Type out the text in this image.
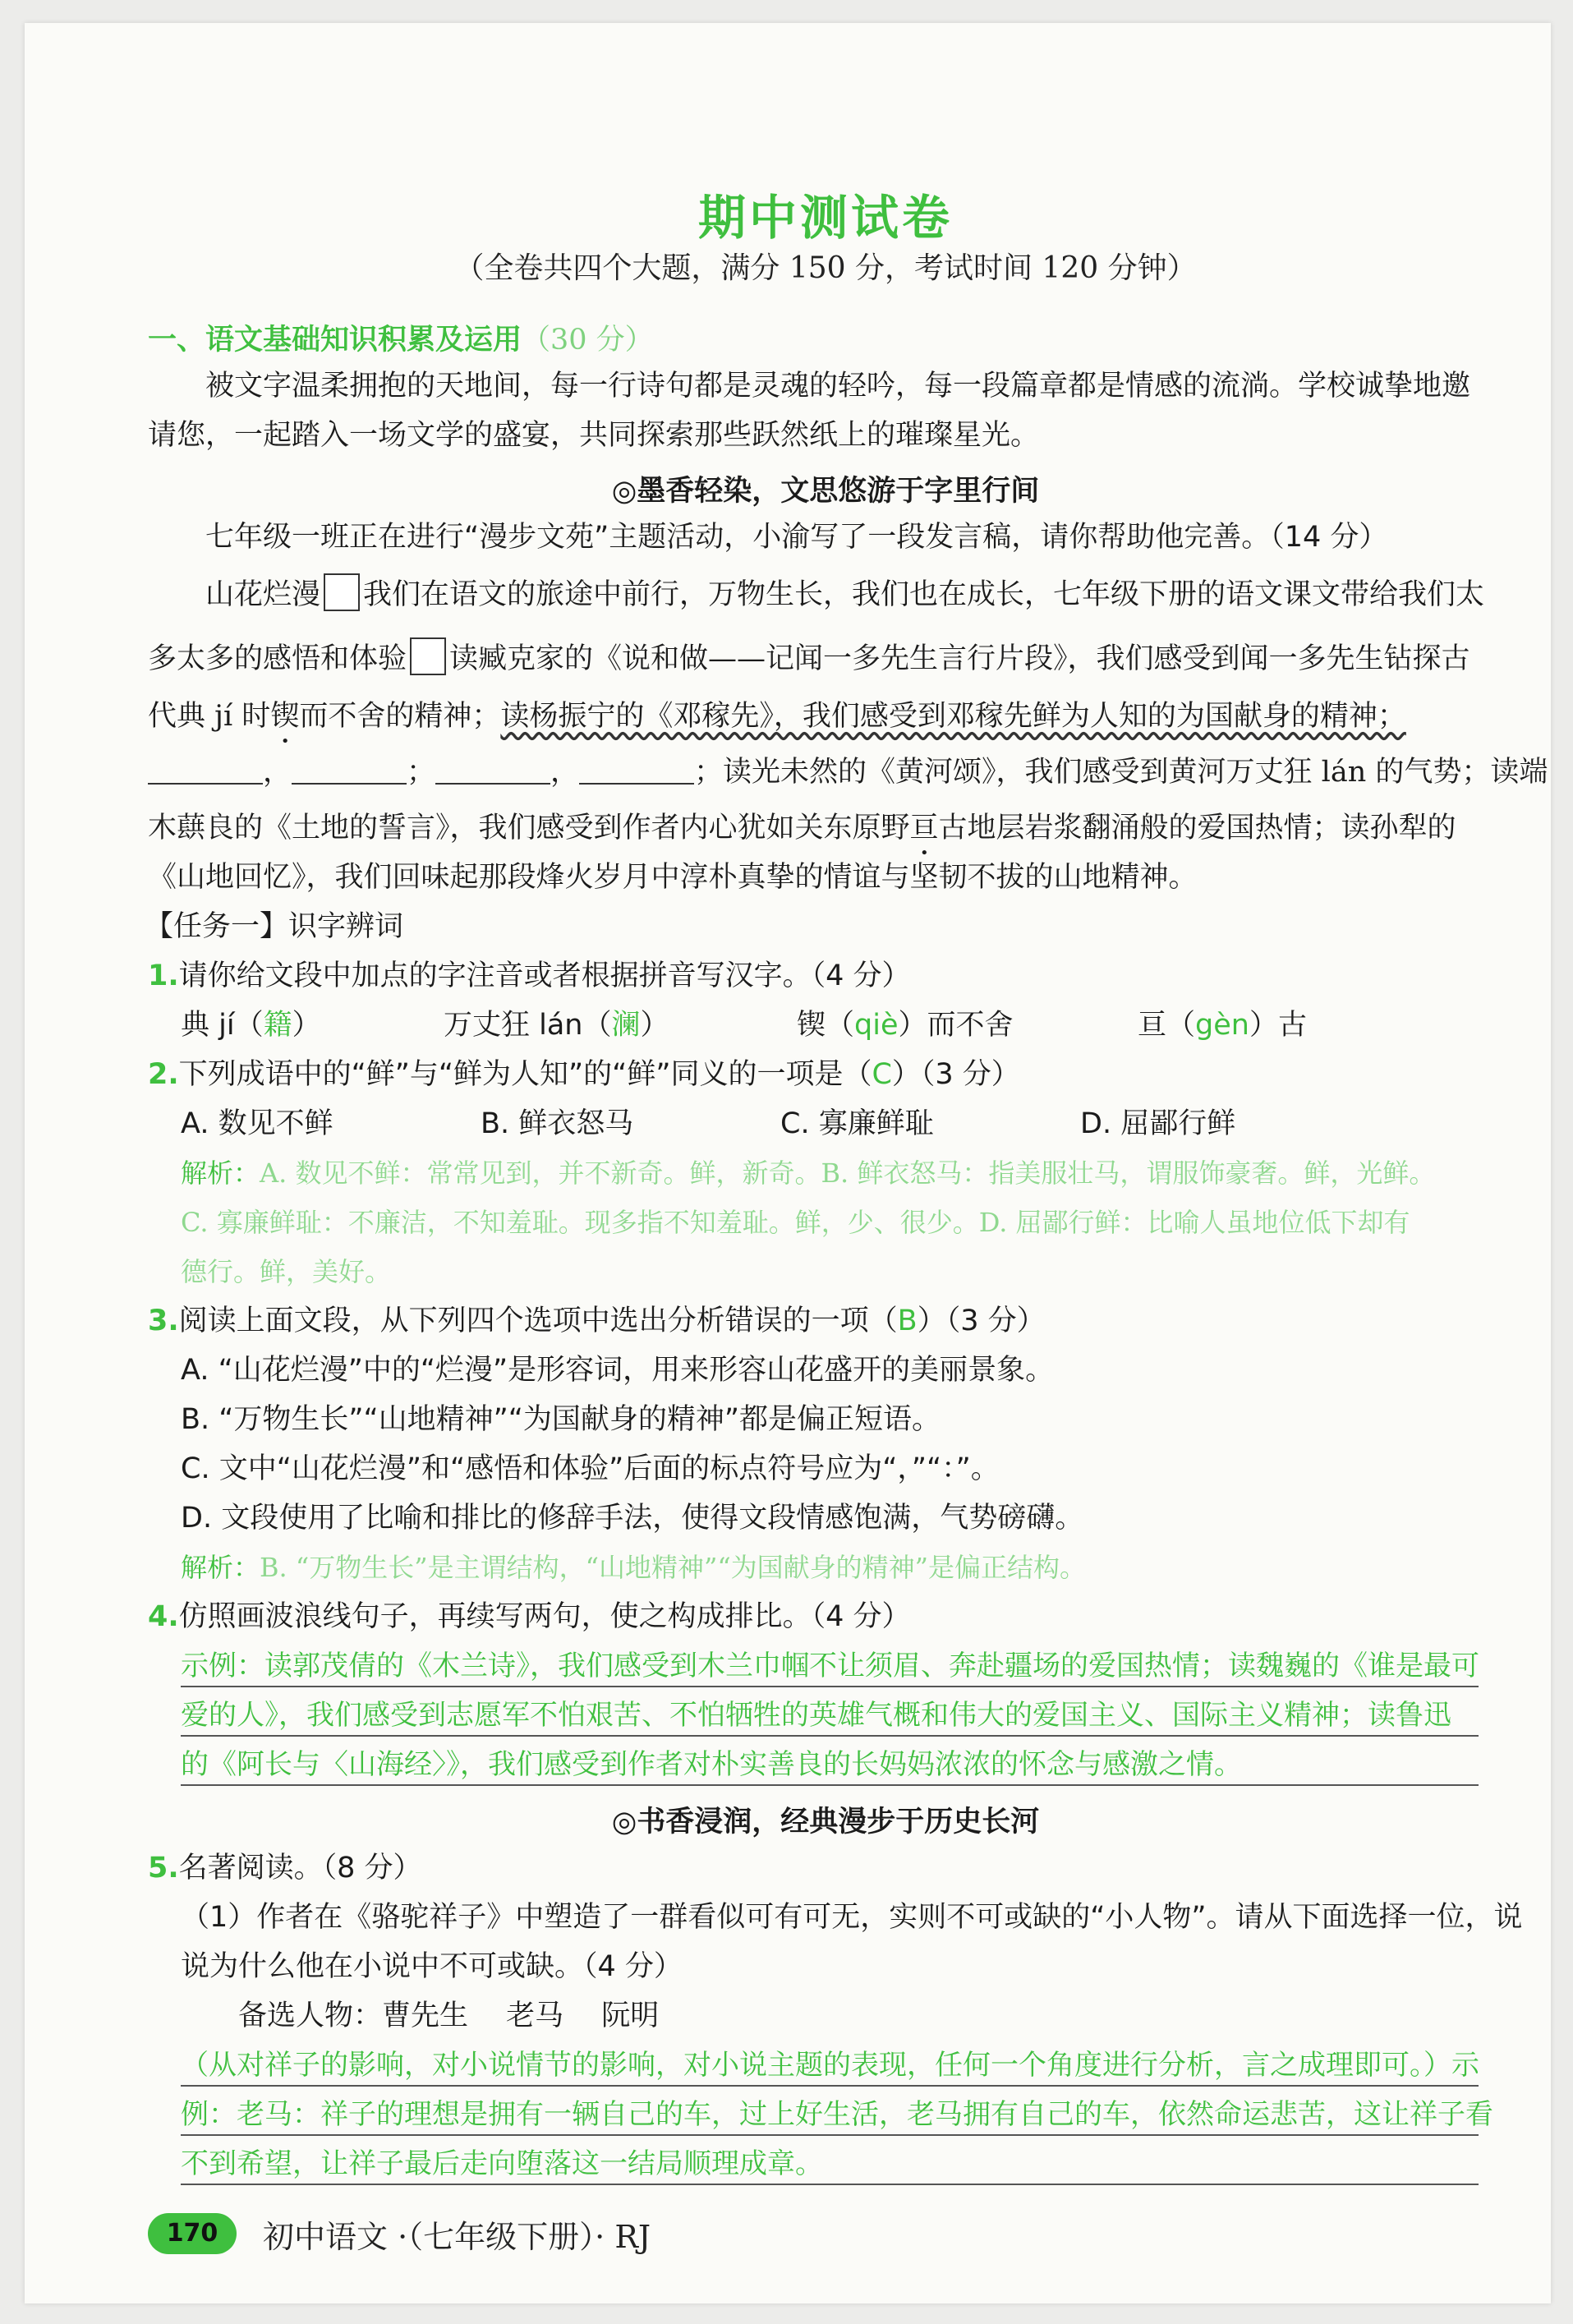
期中测试卷
（全卷共四个大题，满分 150 分，考试时间 120 分钟）
一、语文基础知识积累及运用（30 分）
被文字温柔拥抱的天地间，每一行诗句都是灵魂的轻吟，每一段篇章都是情感的流淌。学校诚挚地邀
请您，一起踏入一场文学的盛宴，共同探索那些跃然纸上的璀璨星光。
◎墨香轻染，文思悠游于字里行间
七年级一班正在进行“漫步文苑”主题活动，小渝写了一段发言稿，请你帮助他完善。（14 分）
山花烂漫 我们在语文的旅途中前行，万物生长，我们也在成长，七年级下册的语文课文带给我们太
多太多的感悟和体验 读臧克家的《说和做——记闻一多先生言行片段》，我们感受到闻一多先生钻探古
代典 jí 时锲而不舍的精神；读杨振宁的《邓稼先》，我们感受到邓稼先鲜为人知的为国献身的精神；
，	；	，	；读光未然的《黄河颂》，我们感受到黄河万丈狂 lán 的气势；读端
木蕻良的《土地的誓言》，我们感受到作者内心犹如关东原野亘古地层岩浆翻涌般的爱国热情；读孙犁的
《山地回忆》，我们回味起那段烽火岁月中淳朴真挚的情谊与坚韧不拔的山地精神。
【任务一】识字辨词
1.请你给文段中加点的字注音或者根据拼音写汉字。（4 分）
典 jí（籍）	万丈狂 lán（澜）	锲（qiè）而不舍	亘（gèn）古
2.下列成语中的“鲜”与“鲜为人知”的“鲜”同义的一项是（C）（3 分）
A. 数见不鲜	B. 鲜衣怒马	C. 寡廉鲜耻	D. 屈鄙行鲜
解析：A. 数见不鲜：常常见到，并不新奇。鲜，新奇。B. 鲜衣怒马：指美服壮马，谓服饰豪奢。鲜，光鲜。
C. 寡廉鲜耻：不廉洁，不知羞耻。现多指不知羞耻。鲜，少、很少。D. 屈鄙行鲜：比喻人虽地位低下却有
德行。鲜，美好。
3.阅读上面文段，从下列四个选项中选出分析错误的一项（B）（3 分）
A. “山花烂漫”中的“烂漫”是形容词，用来形容山花盛开的美丽景象。
B. “万物生长”“山地精神”“为国献身的精神”都是偏正短语。
C. 文中“山花烂漫”和“感悟和体验”后面的标点符号应为“，”“：”。
D. 文段使用了比喻和排比的修辞手法，使得文段情感饱满，气势磅礴。
解析：B. “万物生长”是主谓结构，“山地精神”“为国献身的精神”是偏正结构。
4.仿照画波浪线句子，再续写两句，使之构成排比。（4 分）
示例：读郭茂倩的《木兰诗》，我们感受到木兰巾帼不让须眉、奔赴疆场的爱国热情；读魏巍的《谁是最可
爱的人》，我们感受到志愿军不怕艰苦、不怕牺牲的英雄气概和伟大的爱国主义、国际主义精神；读鲁迅
的《阿长与〈山海经〉》，我们感受到作者对朴实善良的长妈妈浓浓的怀念与感激之情。
◎书香浸润，经典漫步于历史长河
5.名著阅读。（8 分）
（1）作者在《骆驼祥子》中塑造了一群看似可有可无，实则不可或缺的“小人物”。请从下面选择一位，说
说为什么他在小说中不可或缺。（4 分）
备选人物：曹先生　 老马　 阮明
（从对祥子的影响，对小说情节的影响，对小说主题的表现，任何一个角度进行分析，言之成理即可。）示
例：老马：祥子的理想是拥有一辆自己的车，过上好生活，老马拥有自己的车，依然命运悲苦，这让祥子看
不到希望，让祥子最后走向堕落这一结局顺理成章。
170	初中语文 ·（七年级下册）· RJ
